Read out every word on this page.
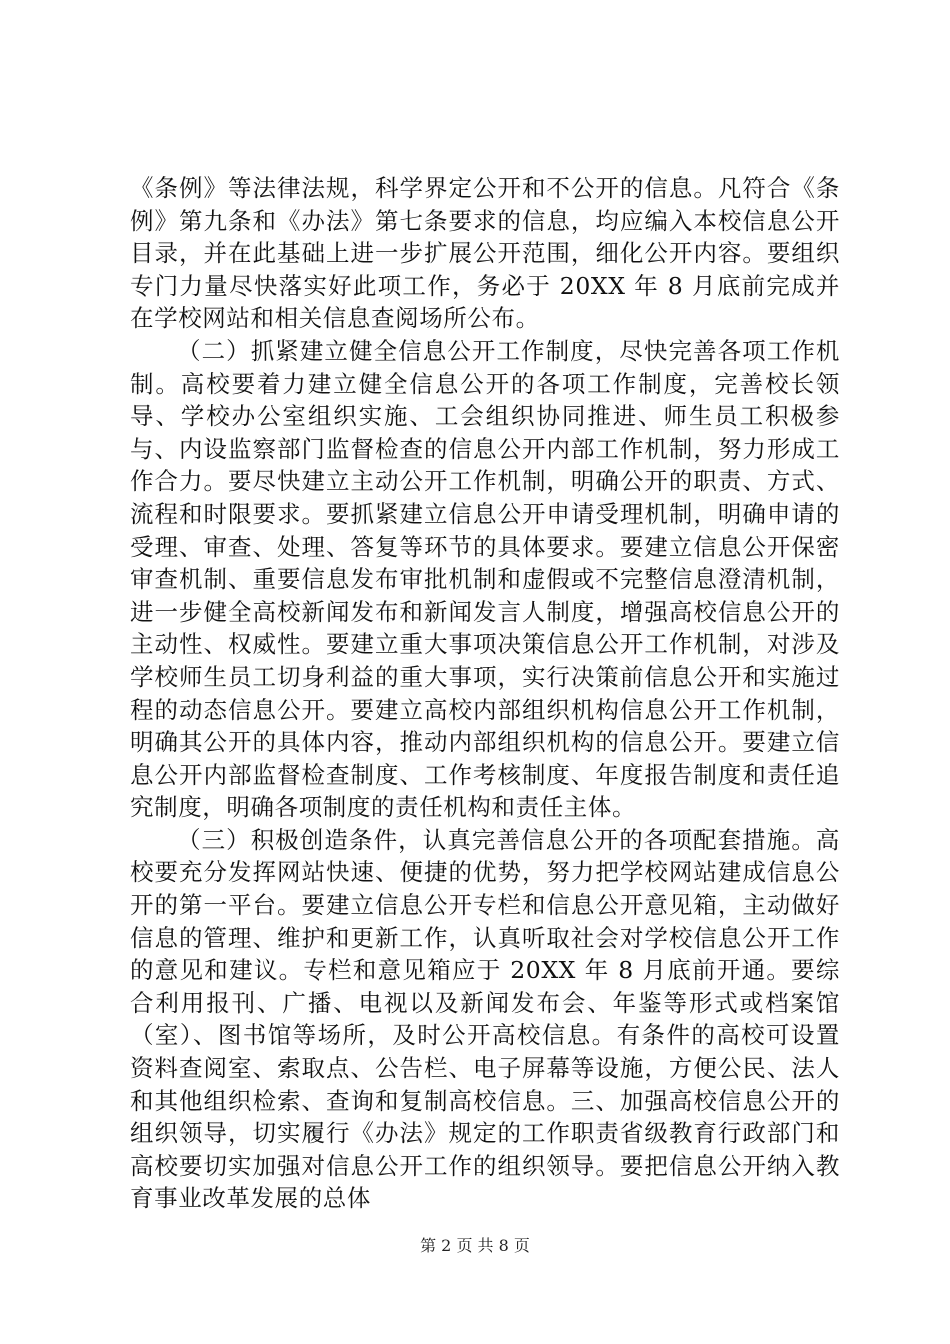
《条例》等法律法规，科学界定公开和不公开的信息。凡符合《条例》第九条和《办法》第七条要求的信息，均应编入本校信息公开目录，并在此基础上进一步扩展公开范围，细化公开内容。要组织专门力量尽快落实好此项工作，务必于 20XX 年 8 月底前完成并在学校网站和相关信息查阅场所公布。

（二）抓紧建立健全信息公开工作制度，尽快完善各项工作机制。高校要着力建立健全信息公开的各项工作制度，完善校长领导、学校办公室组织实施、工会组织协同推进、师生员工积极参与、内设监察部门监督检查的信息公开内部工作机制，努力形成工作合力。要尽快建立主动公开工作机制，明确公开的职责、方式、流程和时限要求。要抓紧建立信息公开申请受理机制，明确申请的受理、审查、处理、答复等环节的具体要求。要建立信息公开保密审查机制、重要信息发布审批机制和虚假或不完整信息澄清机制，进一步健全高校新闻发布和新闻发言人制度，增强高校信息公开的主动性、权威性。要建立重大事项决策信息公开工作机制，对涉及学校师生员工切身利益的重大事项，实行决策前信息公开和实施过程的动态信息公开。要建立高校内部组织机构信息公开工作机制，明确其公开的具体内容，推动内部组织机构的信息公开。要建立信息公开内部监督检查制度、工作考核制度、年度报告制度和责任追究制度，明确各项制度的责任机构和责任主体。

（三）积极创造条件，认真完善信息公开的各项配套措施。高校要充分发挥网站快速、便捷的优势，努力把学校网站建成信息公开的第一平台。要建立信息公开专栏和信息公开意见箱，主动做好信息的管理、维护和更新工作，认真听取社会对学校信息公开工作的意见和建议。专栏和意见箱应于 20XX 年 8 月底前开通。要综合利用报刊、广播、电视以及新闻发布会、年鉴等形式或档案馆（室）、图书馆等场所，及时公开高校信息。有条件的高校可设置资料查阅室、索取点、公告栏、电子屏幕等设施，方便公民、法人和其他组织检索、查询和复制高校信息。三、加强高校信息公开的组织领导，切实履行《办法》规定的工作职责省级教育行政部门和高校要切实加强对信息公开工作的组织领导。要把信息公开纳入教育事业改革发展的总体

第 2 页 共 8 页
